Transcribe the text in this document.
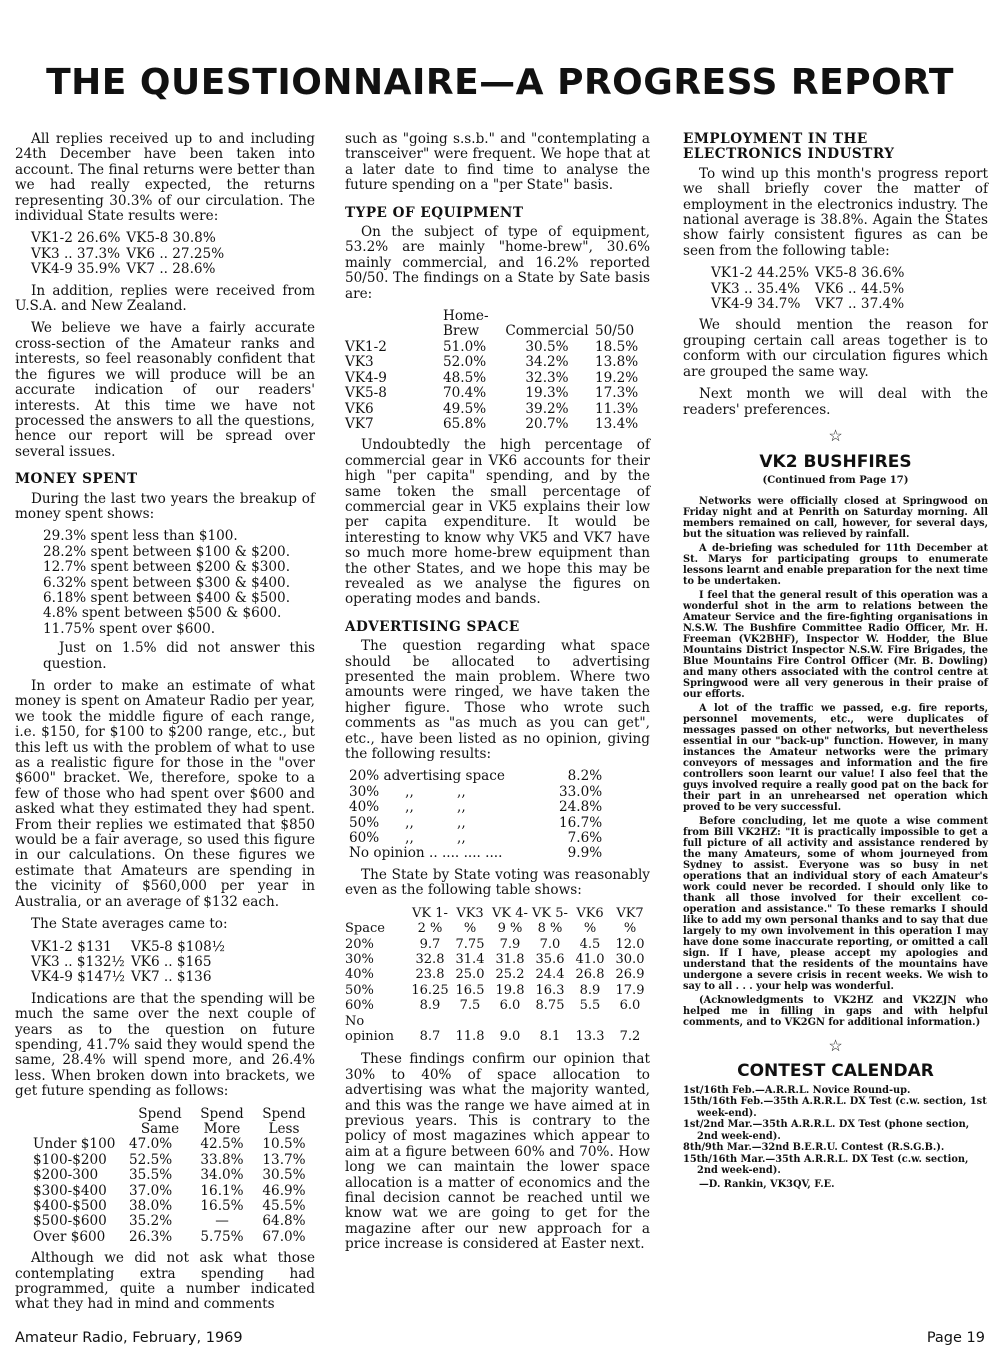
THE QUESTIONNAIRE—A PROGRESS REPORT

All replies received up to and including 24th December have been taken into account. The final returns were better than we had really expected, the returns representing 30.3% of our circulation. The individual State results were:

VK1-2 26.6%	VK5-8 30.8%
VK3 .. 37.3%	VK6 .. 27.25%
VK4-9 35.9%	VK7 .. 28.6%

In addition, replies were received from U.S.A. and New Zealand.

We believe we have a fairly accurate cross-section of the Amateur ranks and interests, so feel reasonably confident that the figures we will produce will be an accurate indication of our readers' interests. At this time we have not processed the answers to all the questions, hence our report will be spread over several issues.

MONEY SPENT

During the last two years the breakup of money spent shows:

29.3% spent less than $100.
28.2% spent between $100 & $200.
12.7% spent between $200 & $300.
6.32% spent between $300 & $400.
6.18% spent between $400 & $500.
4.8% spent between $500 & $600.
11.75% spent over $600.

Just on 1.5% did not answer this question.

In order to make an estimate of what money is spent on Amateur Radio per year, we took the middle figure of each range, i.e. $150, for $100 to $200 range, etc., but this left us with the problem of what to use as a realistic figure for those in the "over $600" bracket. We, therefore, spoke to a few of those who had spent over $600 and asked what they estimated they had spent. From their replies we estimated that $850 would be a fair average, so used this figure in our calculations. On these figures we estimate that Amateurs are spending in the vicinity of $560,000 per year in Australia, or an average of $132 each.

The State averages came to:

VK1-2 $131	VK5-8 $108½
VK3 .. $132½	VK6 .. $165
VK4-9 $147½	VK7 .. $136

Indications are that the spending will be much the same over the next couple of years as to the question on future spending, 41.7% said they would spend the same, 28.4% will spend more, and 26.4% less. When broken down into brackets, we get future spending as follows:

	Spend Same	Spend More	Spend Less
Under $100	47.0%	42.5%	10.5%
$100-$200	52.5%	33.8%	13.7%
$200-300	35.5%	34.0%	30.5%
$300-$400	37.0%	16.1%	46.9%
$400-$500	38.0%	16.5%	45.5%
$500-$600	35.2%	—	64.8%
Over $600	26.3%	5.75%	67.0%

Although we did not ask what those contemplating extra spending had programmed, quite a number indicated what they had in mind and comments

such as "going s.s.b." and "contemplating a transceiver" were frequent. We hope that at a later date to find time to analyse the future spending on a "per State" basis.

TYPE OF EQUIPMENT

On the subject of type of equipment, 53.2% are mainly "home-brew", 30.6% mainly commercial, and 16.2% reported 50/50. The findings on a State by Sate basis are:

	Home-Brew	Commercial	50/50
VK1-2	51.0%	30.5%	18.5%
VK3	52.0%	34.2%	13.8%
VK4-9	48.5%	32.3%	19.2%
VK5-8	70.4%	19.3%	17.3%
VK6	49.5%	39.2%	11.3%
VK7	65.8%	20.7%	13.4%

Undoubtedly the high percentage of commercial gear in VK6 accounts for their high "per capita" spending, and by the same token the small percentage of commercial gear in VK5 explains their low per capita expenditure. It would be interesting to know why VK5 and VK7 have so much more home-brew equipment than the other States, and we hope this may be revealed as we analyse the figures on operating modes and bands.

ADVERTISING SPACE

The question regarding what space should be allocated to advertising presented the main problem. Where two amounts were ringed, we have taken the higher figure. Those who wrote such comments as "as much as you can get", etc., have been listed as no opinion, giving the following results:

20% advertising space	8.2%
30%      ,,          ,,	33.0%
40%      ,,          ,,	24.8%
50%      ,,          ,,	16.7%
60%      ,,          ,,	7.6%
No opinion .. .... .... ....	9.9%

The State by State voting was reasonably even as the following table shows:

Space	VK 1-2 %	VK3 %	VK 4-9 %	VK 5-8 %	VK6 %	VK7 %
20%	9.7	7.75	7.9	7.0	4.5	12.0
30%	32.8	31.4	31.8	35.6	41.0	30.0
40%	23.8	25.0	25.2	24.4	26.8	26.9
50%	16.25	16.5	19.8	16.3	8.9	17.9
60%	8.9	7.5	6.0	8.75	5.5	6.0
No opinion	8.7	11.8	9.0	8.1	13.3	7.2

These findings confirm our opinion that 30% to 40% of space allocation to advertising was what the majority wanted, and this was the range we have aimed at in previous years. This is contrary to the policy of most magazines which appear to aim at a figure between 60% and 70%. How long we can maintain the lower space allocation is a matter of economics and the final decision cannot be reached until we know wat we are going to get for the magazine after our new approach for a price increase is considered at Easter next.

EMPLOYMENT IN THE ELECTRONICS INDUSTRY

To wind up this month's progress report we shall briefly cover the matter of employment in the electronics industry. The national average is 38.8%. Again the States show fairly consistent figures as can be seen from the following table:

VK1-2 44.25%	VK5-8 36.6%
VK3 .. 35.4%	VK6 .. 44.5%
VK4-9 34.7%	VK7 .. 37.4%

We should mention the reason for grouping certain call areas together is to conform with our circulation figures which are grouped the same way.

Next month we will deal with the readers' preferences.

☆
VK2 BUSHFIRES
(Continued from Page 17)

Networks were officially closed at Springwood on Friday night and at Penrith on Saturday morning. All members remained on call, however, for several days, but the situation was relieved by rainfall.

A de-briefing was scheduled for 11th December at St. Marys for participating groups to enumerate lessons learnt and enable preparation for the next time to be undertaken.

I feel that the general result of this operation was a wonderful shot in the arm to relations between the Amateur Service and the fire-fighting organisations in N.S.W. The Bushfire Committee Radio Officer, Mr. H. Freeman (VK2BHF), Inspector W. Hodder, the Blue Mountains District Inspector N.S.W. Fire Brigades, the Blue Mountains Fire Control Officer (Mr. B. Dowling) and many others associated with the control centre at Springwood were all very generous in their praise of our efforts.

A lot of the traffic we passed, e.g. fire reports, personnel movements, etc., were duplicates of messages passed on other networks, but nevertheless essential in our "back-up" function. However, in many instances the Amateur networks were the primary conveyors of messages and information and the fire controllers soon learnt our value! I also feel that the guys involved require a really good pat on the back for their part in an unrehearsed net operation which proved to be very successful.

Before concluding, let me quote a wise comment from Bill VK2HZ: "It is practically impossible to get a full picture of all activity and assistance rendered by the many Amateurs, some of whom journeyed from Sydney to assist. Everyone was so busy in net operations that an individual story of each Amateur's work could never be recorded. I should only like to thank all those involved for their excellent co-operation and assistance." To these remarks I should like to add my own personal thanks and to say that due largely to my own involvement in this operation I may have done some inaccurate reporting, or omitted a call sign. If I have, please accept my apologies and understand that the residents of the mountains have undergone a severe crisis in recent weeks. We wish to say to all . . . your help was wonderful.

(Acknowledgments to VK2HZ and VK2ZJN who helped me in filling in gaps and with helpful comments, and to VK2GN for additional information.)

☆
CONTEST CALENDAR
1st/16th Feb.—A.R.R.L. Novice Round-up.
15th/16th Feb.—35th A.R.R.L. DX Test (c.w. section, 1st week-end).
1st/2nd Mar.—35th A.R.R.L. DX Test (phone section, 2nd week-end).
8th/9th Mar.—32nd B.E.R.U. Contest (R.S.G.B.).
15th/16th Mar.—35th A.R.R.L. DX Test (c.w. section, 2nd week-end).

—D. Rankin, VK3QV, F.E.

Amateur Radio, February, 1969	Page 19
